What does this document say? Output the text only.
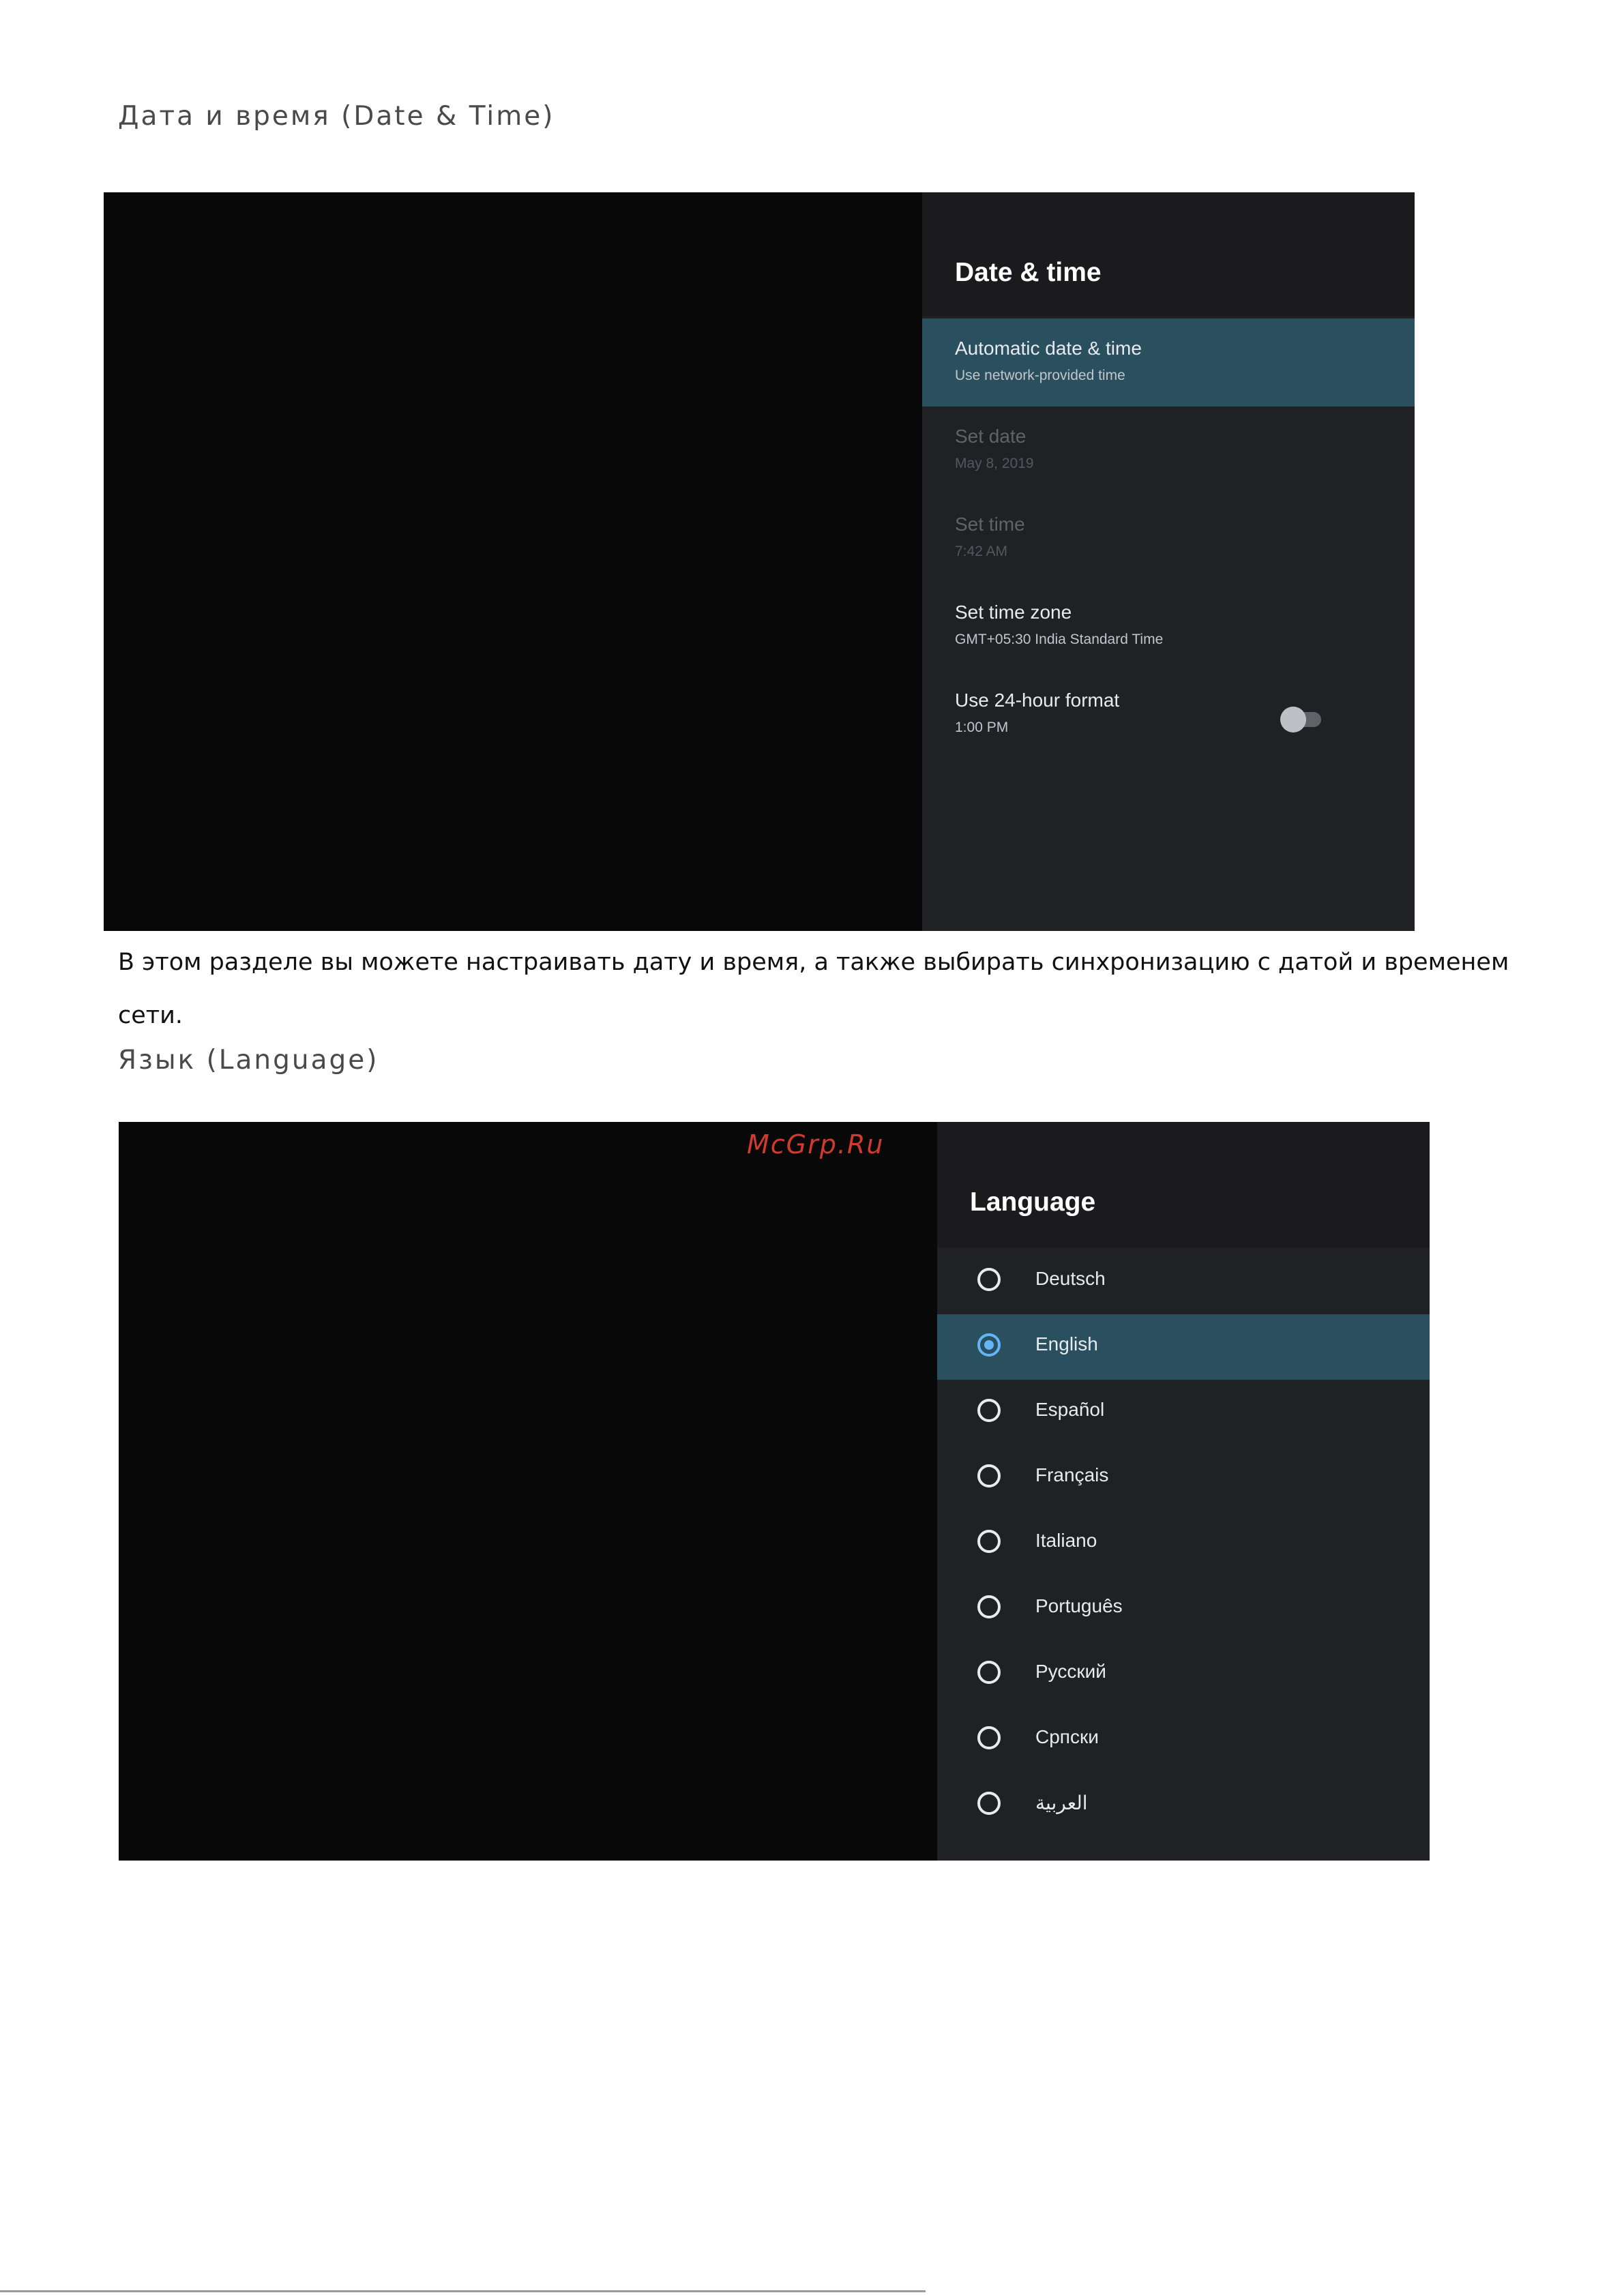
Дата и время (Date & Time)
Date & time
Automatic date & time
Use network-provided time
Set date
May 8, 2019
Set time
7:42 AM
Set time zone
GMT+05:30 India Standard Time
Use 24-hour format
1:00 PM
В этом разделе вы можете настраивать дату и время, а также выбирать синхронизацию с датой и временем сети.
Язык (Language)
Language
Deutsch
English
Español
Français
Italiano
Português
Русский
Српски
العربية
McGrp.Ru
